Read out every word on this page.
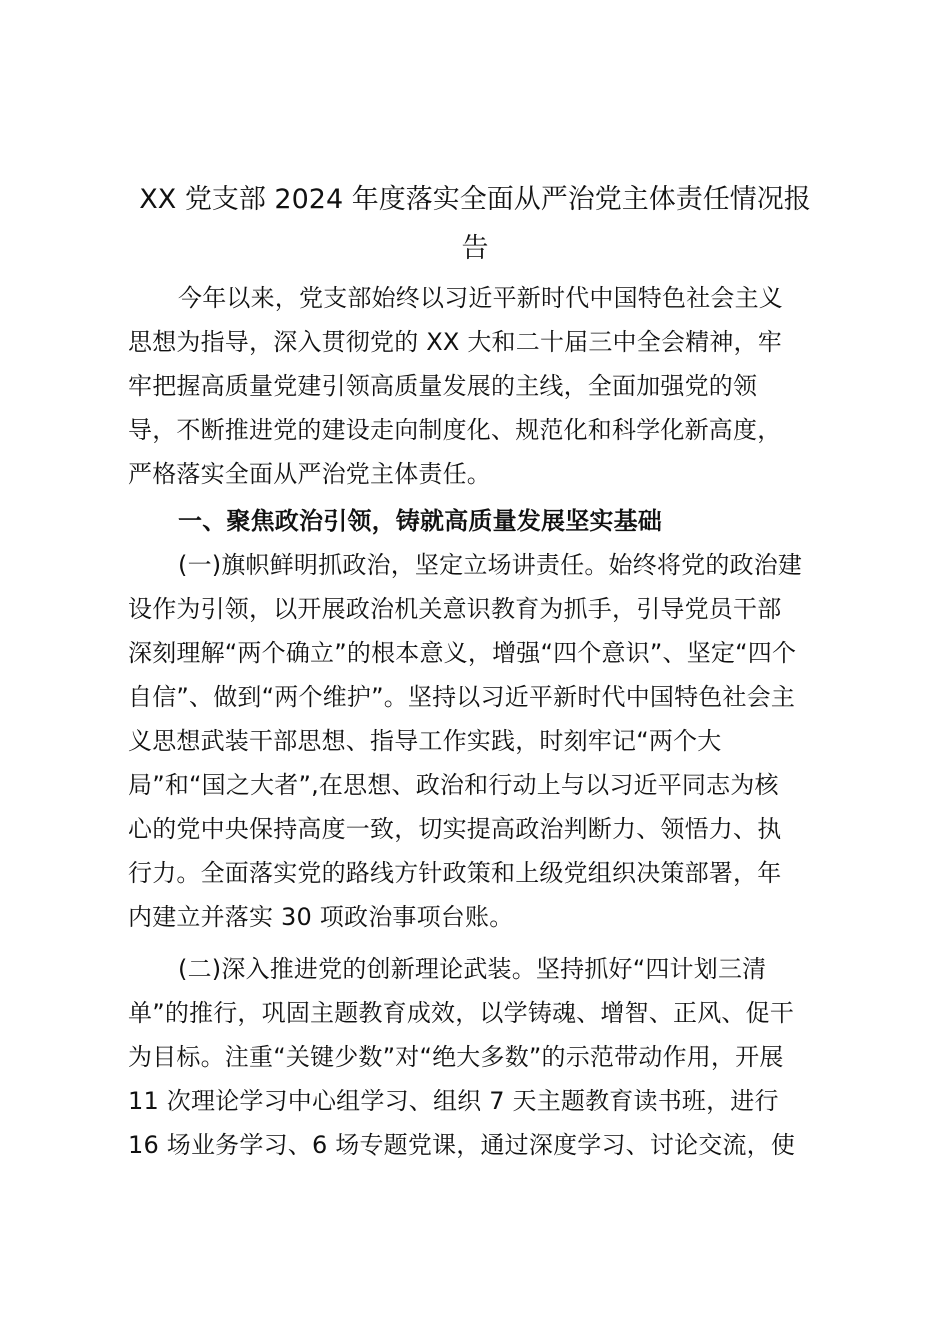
XX 党支部 2024 年度落实全面从严治党主体责任情况报
告
今年以来，党支部始终以习近平新时代中国特色社会主义
思想为指导，深入贯彻党的 XX 大和二十届三中全会精神，牢
牢把握高质量党建引领高质量发展的主线，全面加强党的领
导，不断推进党的建设走向制度化、规范化和科学化新高度，
严格落实全面从严治党主体责任。
一、聚焦政治引领，铸就高质量发展坚实基础
(一)旗帜鲜明抓政治，坚定立场讲责任。始终将党的政治建
设作为引领，以开展政治机关意识教育为抓手，引导党员干部
深刻理解“两个确立”的根本意义，增强“四个意识”、坚定“四个
自信”、做到“两个维护”。坚持以习近平新时代中国特色社会主
义思想武装干部思想、指导工作实践，时刻牢记“两个大
局”和“国之大者”,在思想、政治和行动上与以习近平同志为核
心的党中央保持高度一致，切实提高政治判断力、领悟力、执
行力。全面落实党的路线方针政策和上级党组织决策部署，年
内建立并落实 30 项政治事项台账。
(二)深入推进党的创新理论武装。坚持抓好“四计划三清
单”的推行，巩固主题教育成效，以学铸魂、增智、正风、促干
为目标。注重“关键少数”对“绝大多数”的示范带动作用，开展
11 次理论学习中心组学习、组织 7 天主题教育读书班，进行
16 场业务学习、6 场专题党课，通过深度学习、讨论交流，使
